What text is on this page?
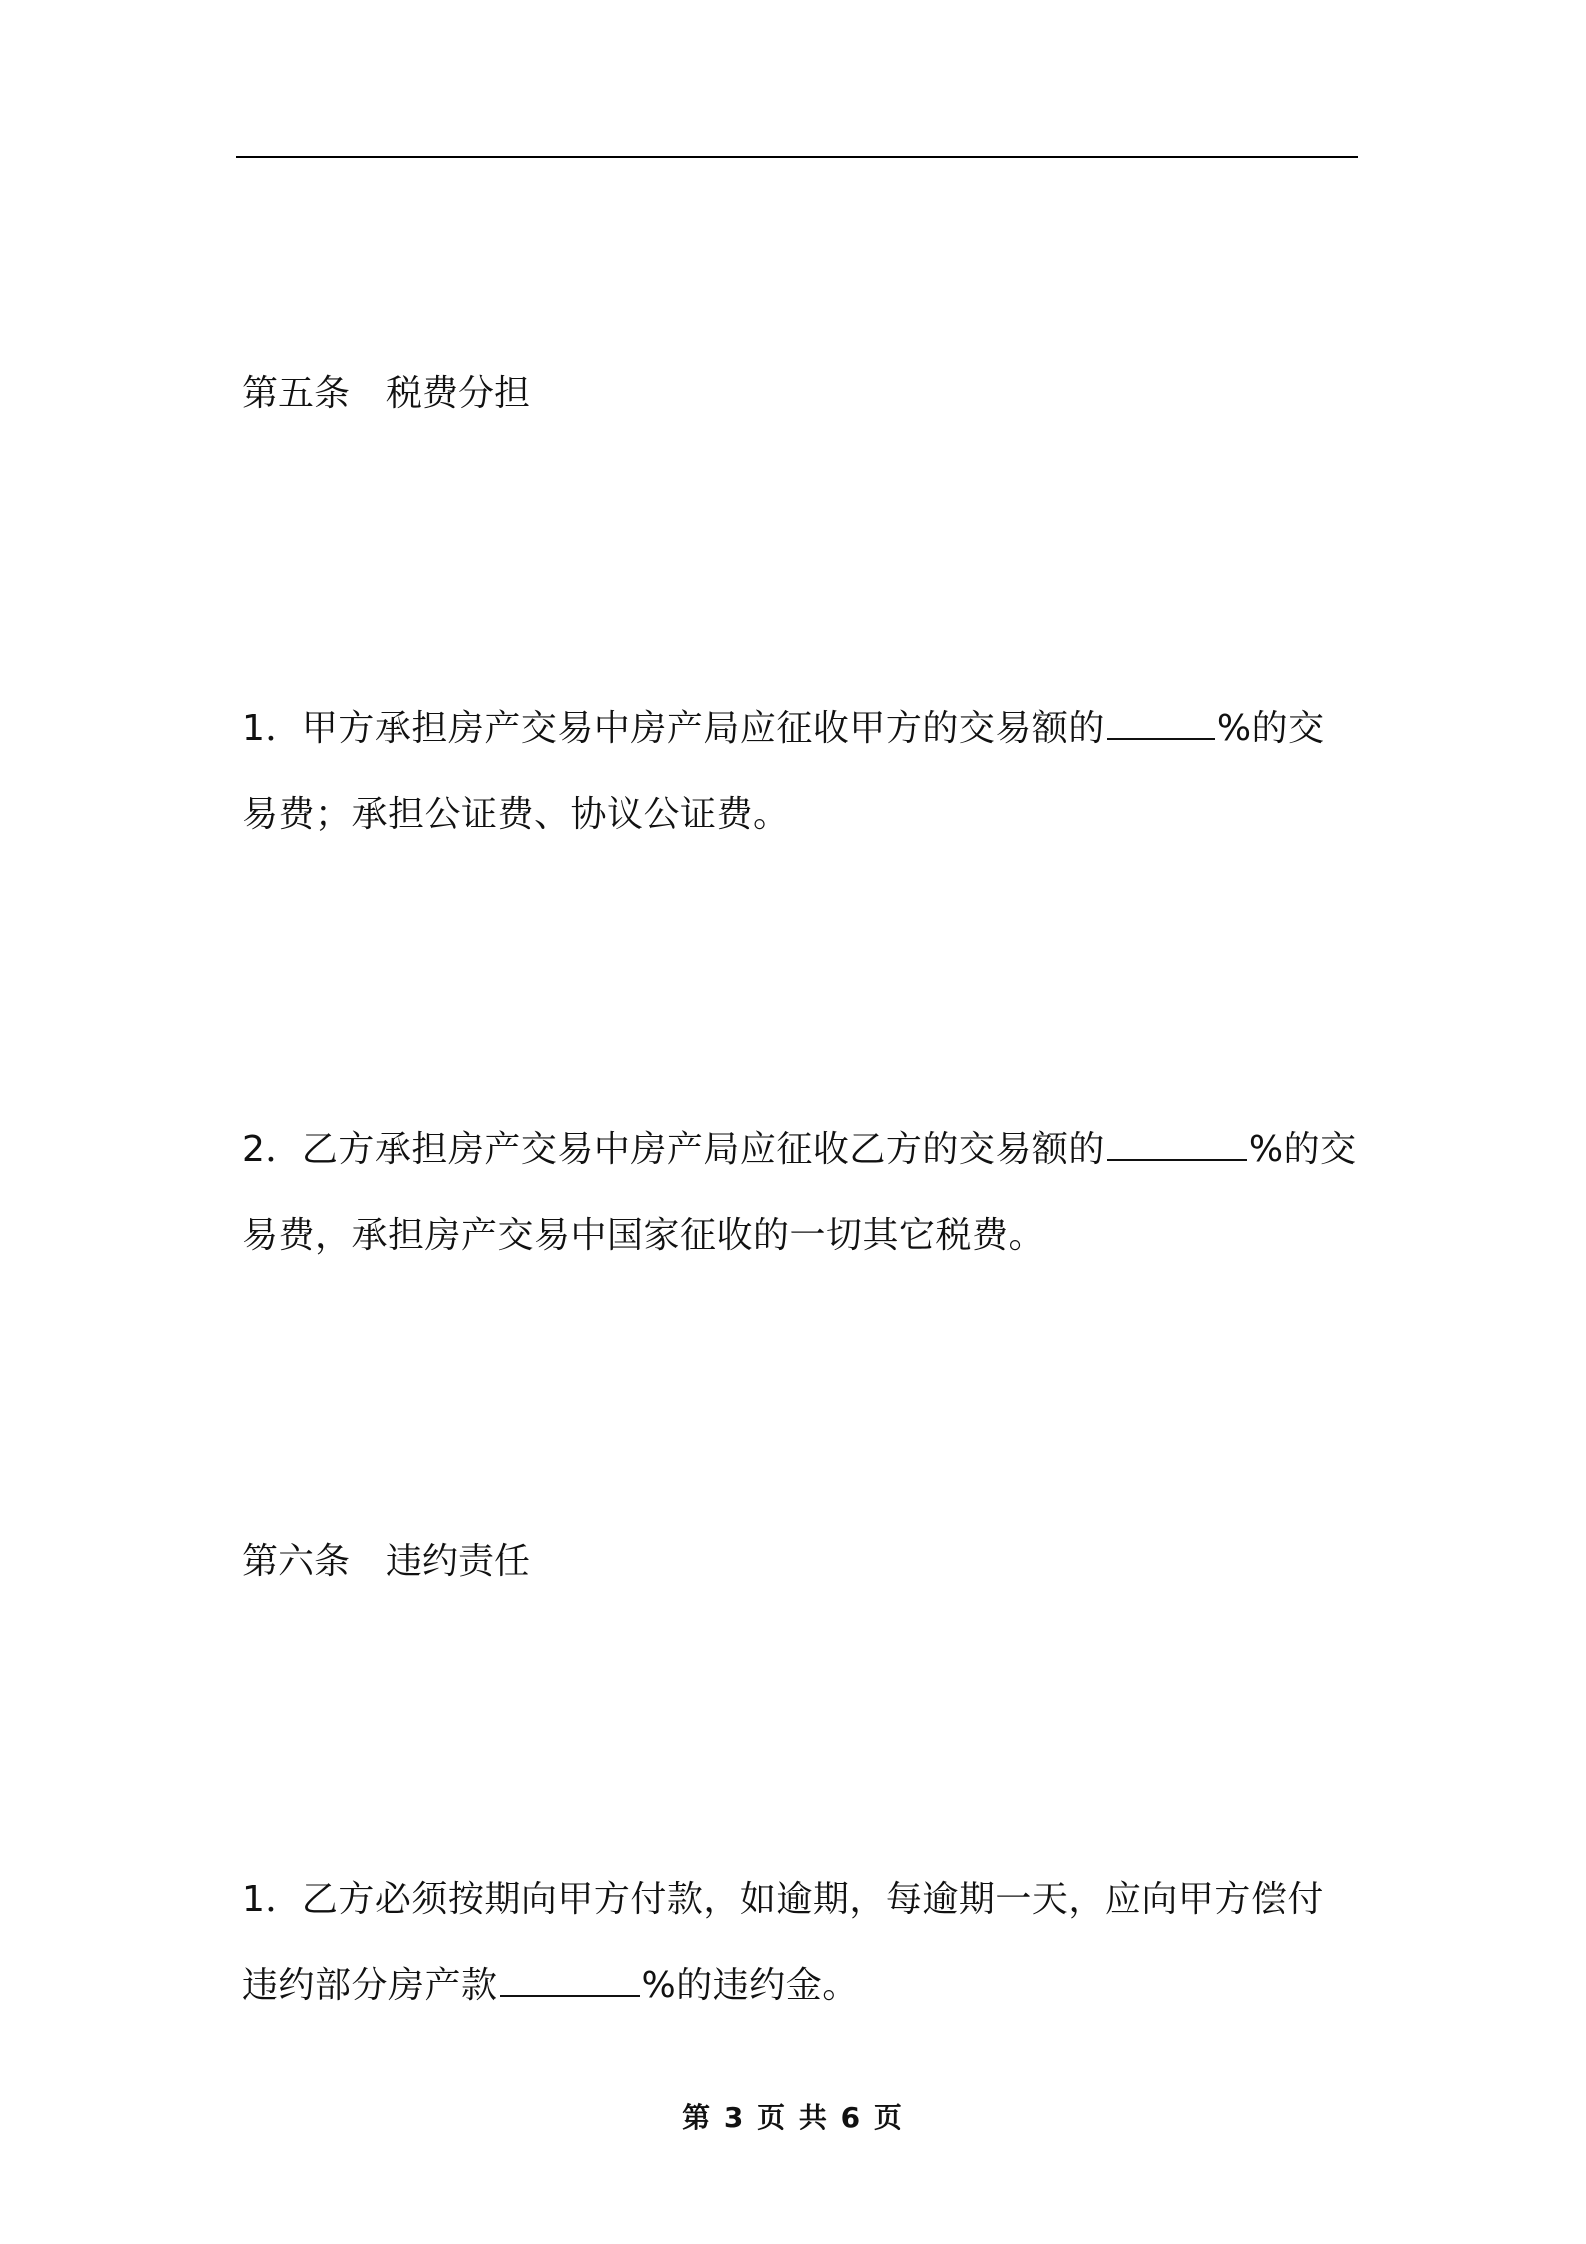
第五条　税费分担
1．甲方承担房产交易中房产局应征收甲方的交易额的	%的交易费；承担公证费、协议公证费。
2．乙方承担房产交易中房产局应征收乙方的交易额的	%的交易费，承担房产交易中国家征收的一切其它税费。
第六条　违约责任
1．乙方必须按期向甲方付款，如逾期，每逾期一天，应向甲方偿付违约部分房产款	%的违约金。
第 3 页 共 6 页
